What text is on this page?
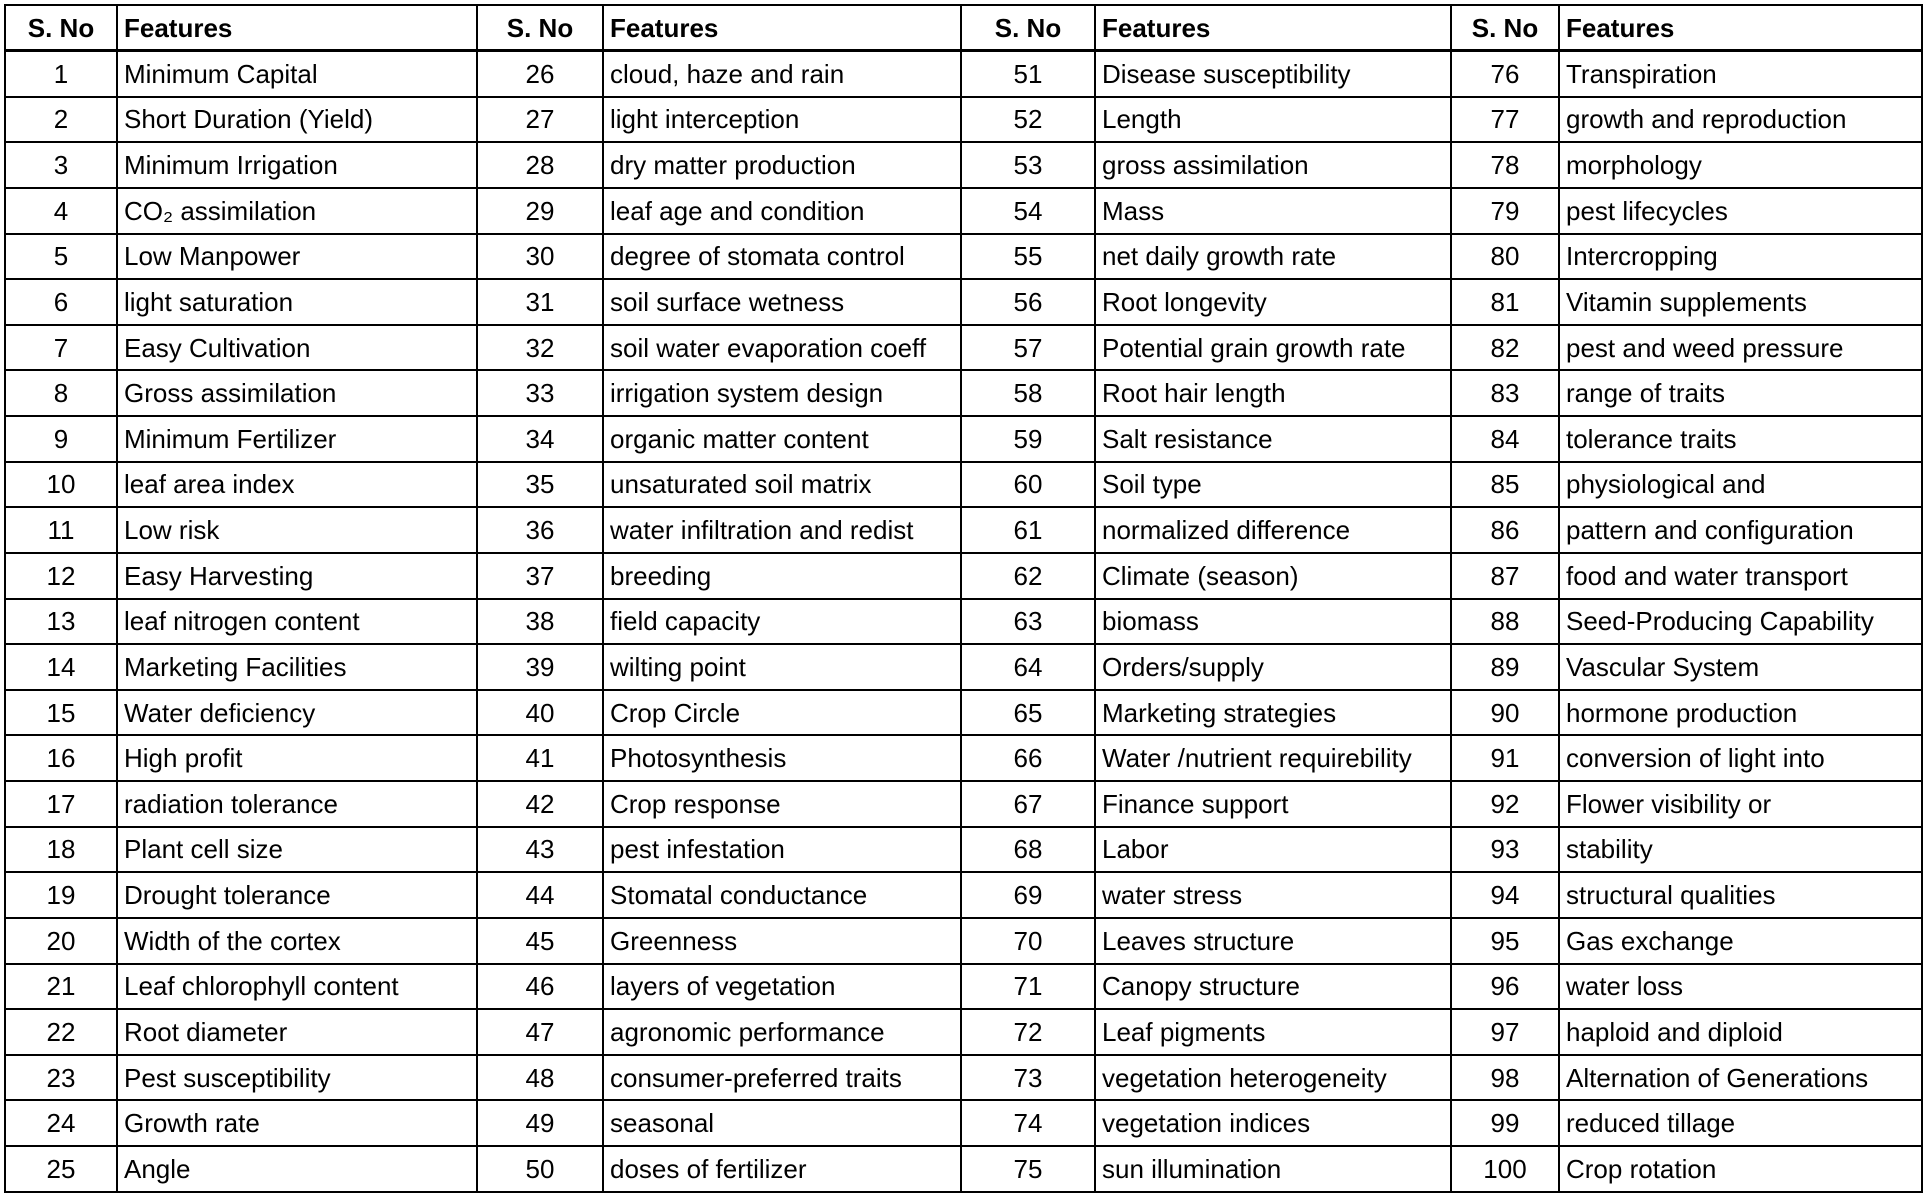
S. No	Features	S. No	Features	S. No	Features	S. No	Features
1	Minimum Capital	26	cloud, haze and rain	51	Disease susceptibility	76	Transpiration
2	Short Duration (Yield)	27	light interception	52	Length	77	growth and reproduction
3	Minimum Irrigation	28	dry matter production	53	gross assimilation	78	morphology
4	CO₂ assimilation	29	leaf age and condition	54	Mass	79	pest lifecycles
5	Low Manpower	30	degree of stomata control	55	net daily growth rate	80	Intercropping
6	light saturation	31	soil surface wetness	56	Root longevity	81	Vitamin supplements
7	Easy Cultivation	32	soil water evaporation coeff	57	Potential grain growth rate	82	pest and weed pressure
8	Gross assimilation	33	irrigation system design	58	Root hair length	83	range of traits
9	Minimum Fertilizer	34	organic matter content	59	Salt resistance	84	tolerance traits
10	leaf area index	35	unsaturated soil matrix	60	Soil type	85	physiological and
11	Low risk	36	water infiltration and redist	61	normalized difference	86	pattern and configuration
12	Easy Harvesting	37	breeding	62	Climate (season)	87	food and water transport
13	leaf nitrogen content	38	field capacity	63	biomass	88	Seed-Producing Capability
14	Marketing Facilities	39	wilting point	64	Orders/supply	89	Vascular System
15	Water deficiency	40	Crop Circle	65	Marketing strategies	90	hormone production
16	High profit	41	Photosynthesis	66	Water /nutrient requirebility	91	conversion of light into
17	radiation tolerance	42	Crop response	67	Finance support	92	Flower visibility or
18	Plant cell size	43	pest infestation	68	Labor	93	stability
19	Drought tolerance	44	Stomatal conductance	69	water stress	94	structural qualities
20	Width of the cortex	45	Greenness	70	Leaves structure	95	Gas exchange
21	Leaf chlorophyll content	46	layers of vegetation	71	Canopy structure	96	water loss
22	Root diameter	47	agronomic performance	72	Leaf pigments	97	haploid and diploid
23	Pest susceptibility	48	consumer-preferred traits	73	vegetation heterogeneity	98	Alternation of Generations
24	Growth rate	49	seasonal	74	vegetation indices	99	reduced tillage
25	Angle	50	doses of fertilizer	75	sun illumination	100	Crop rotation
